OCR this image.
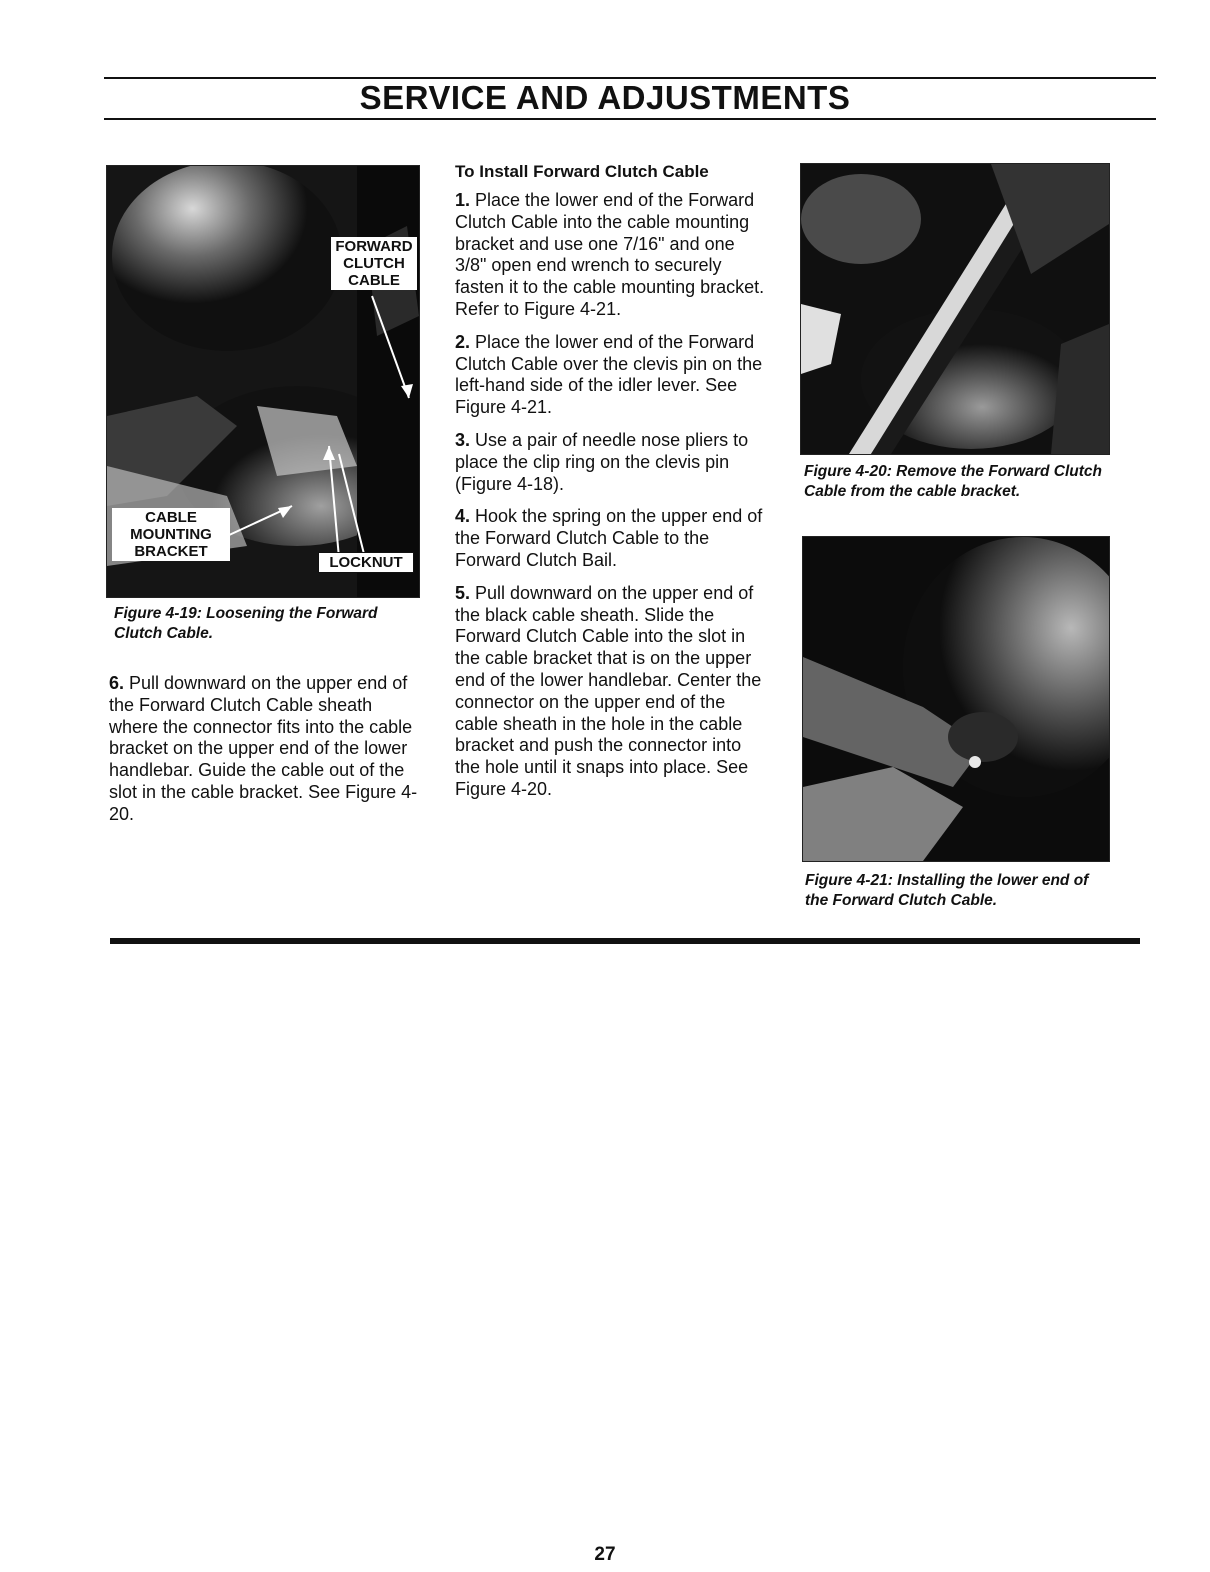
SERVICE AND ADJUSTMENTS
FORWARD
CLUTCH
CABLE
CABLE
MOUNTING
BRACKET
LOCKNUT
Figure 4-19: Loosening the Forward Clutch Cable.

6. Pull downward on the upper end of the Forward Clutch Cable sheath where the connector fits into the cable bracket on the upper end of the lower handlebar. Guide the cable out of the slot in the cable bracket. See Figure 4-20.

To Install Forward Clutch Cable

1. Place the lower end of the Forward Clutch Cable into the cable mounting bracket and use one 7/16" and one 3/8" open end wrench to securely fasten it to the cable mounting bracket. Refer to Figure 4-21.

2. Place the lower end of the Forward Clutch Cable over the clevis pin on the left-hand side of the idler lever. See Figure 4-21.

3. Use a pair of needle nose pliers to place the clip ring on the clevis pin (Figure 4-18).

4. Hook the spring on the upper end of the Forward Clutch Cable to the Forward Clutch Bail.

5. Pull downward on the upper end of the black cable sheath. Slide the Forward Clutch Cable into the slot in the cable bracket that is on the upper end of the lower handlebar. Center the connector on the upper end of the cable sheath in the hole in the cable bracket and push the connector into the hole until it snaps into place. See Figure 4-20.

Figure 4-20: Remove the Forward Clutch Cable from the cable bracket.
Figure 4-21: Installing the lower end of the Forward Clutch Cable.
27
